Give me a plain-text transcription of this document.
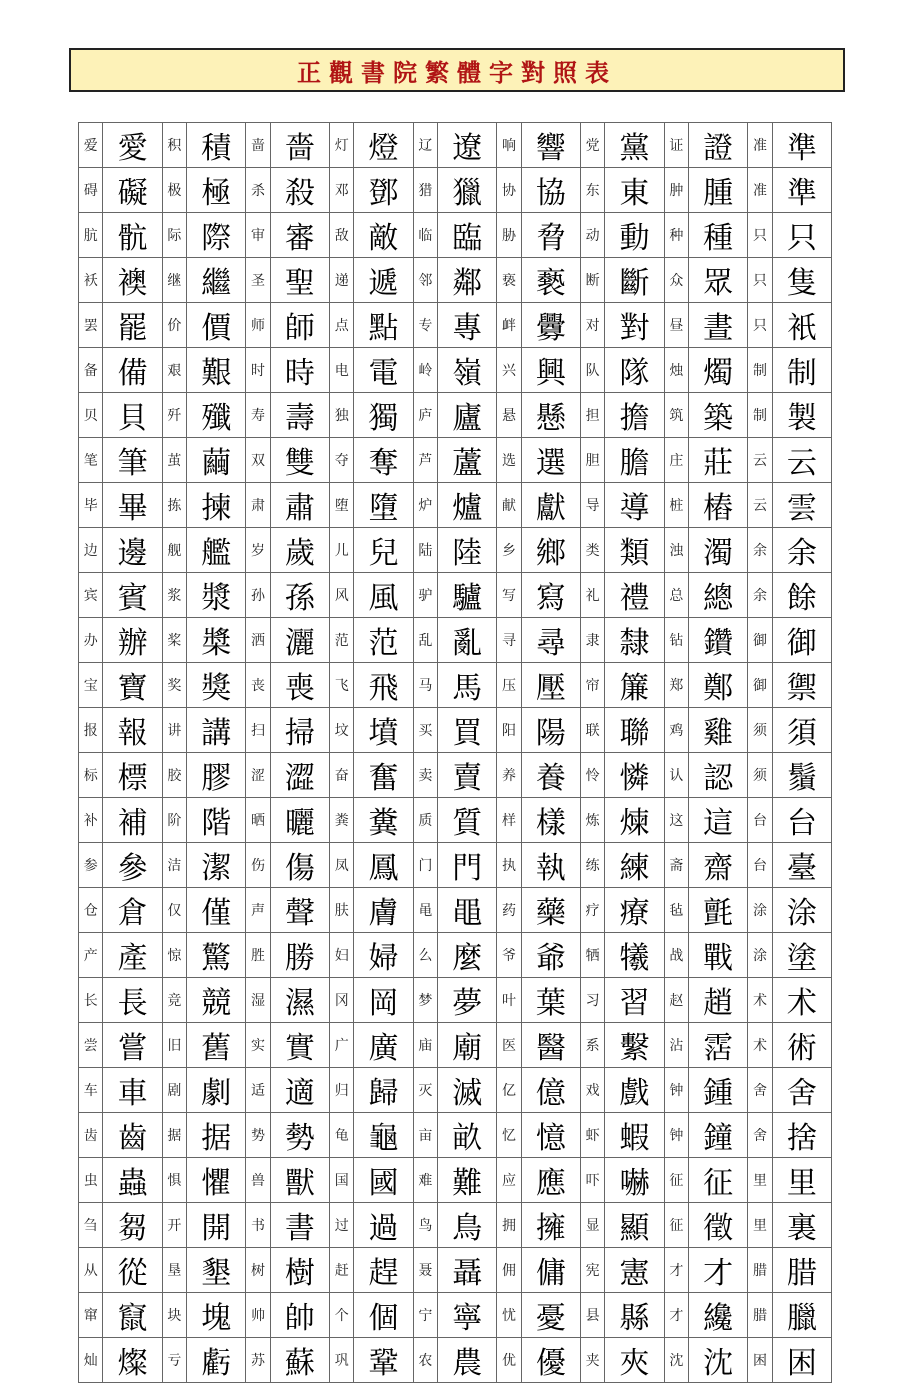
正觀書院繁體字對照表
爱	愛	积	積	啬	嗇	灯	燈	辽	遼	响	響	党	黨	证	證	准	準
碍	礙	极	極	杀	殺	邓	鄧	猎	獵	协	協	东	東	肿	腫	准	準
肮	骯	际	際	审	審	敌	敵	临	臨	胁	脅	动	動	种	種	只	只
袄	襖	继	繼	圣	聖	递	遞	邻	鄰	亵	褻	断	斷	众	眾	只	隻
罢	罷	价	價	师	師	点	點	专	專	衅	釁	对	對	昼	晝	只	衹
备	備	艰	艱	时	時	电	電	岭	嶺	兴	興	队	隊	烛	燭	制	制
贝	貝	歼	殲	寿	壽	独	獨	庐	廬	悬	懸	担	擔	筑	築	制	製
笔	筆	茧	繭	双	雙	夺	奪	芦	蘆	选	選	胆	膽	庄	莊	云	云
毕	畢	拣	揀	肃	肅	堕	墮	炉	爐	献	獻	导	導	桩	樁	云	雲
边	邊	舰	艦	岁	歲	儿	兒	陆	陸	乡	鄉	类	類	浊	濁	余	余
宾	賓	浆	漿	孙	孫	风	風	驴	驢	写	寫	礼	禮	总	總	余	餘
办	辦	桨	槳	洒	灑	范	范	乱	亂	寻	尋	隶	隸	钻	鑽	御	御
宝	寶	奖	獎	丧	喪	飞	飛	马	馬	压	壓	帘	簾	郑	鄭	御	禦
报	報	讲	講	扫	掃	坟	墳	买	買	阳	陽	联	聯	鸡	雞	须	須
标	標	胶	膠	涩	澀	奋	奮	卖	賣	养	養	怜	憐	认	認	须	鬚
补	補	阶	階	晒	曬	粪	糞	质	質	样	樣	炼	煉	这	這	台	台
参	參	洁	潔	伤	傷	凤	鳳	门	門	执	執	练	練	斋	齋	台	臺
仓	倉	仅	僅	声	聲	肤	膚	黾	黽	药	藥	疗	療	毡	氈	涂	涂
产	產	惊	驚	胜	勝	妇	婦	么	麼	爷	爺	牺	犧	战	戰	涂	塗
长	長	竞	競	湿	濕	冈	岡	梦	夢	叶	葉	习	習	赵	趙	术	术
尝	嘗	旧	舊	实	實	广	廣	庙	廟	医	醫	系	繫	沾	霑	术	術
车	車	剧	劇	适	適	归	歸	灭	滅	亿	億	戏	戲	钟	鍾	舍	舍
齿	齒	据	据	势	勢	龟	龜	亩	畝	忆	憶	虾	蝦	钟	鐘	舍	捨
虫	蟲	惧	懼	兽	獸	国	國	难	難	应	應	吓	嚇	征	征	里	里
刍	芻	开	開	书	書	过	過	鸟	鳥	拥	擁	显	顯	征	徵	里	裏
从	從	垦	墾	树	樹	赶	趕	聂	聶	佣	傭	宪	憲	才	才	腊	腊
窜	竄	块	塊	帅	帥	个	個	宁	寧	忧	憂	县	縣	才	纔	腊	臘
灿	燦	亏	虧	苏	蘇	巩	鞏	农	農	优	優	夹	夾	沈	沈	困	困
